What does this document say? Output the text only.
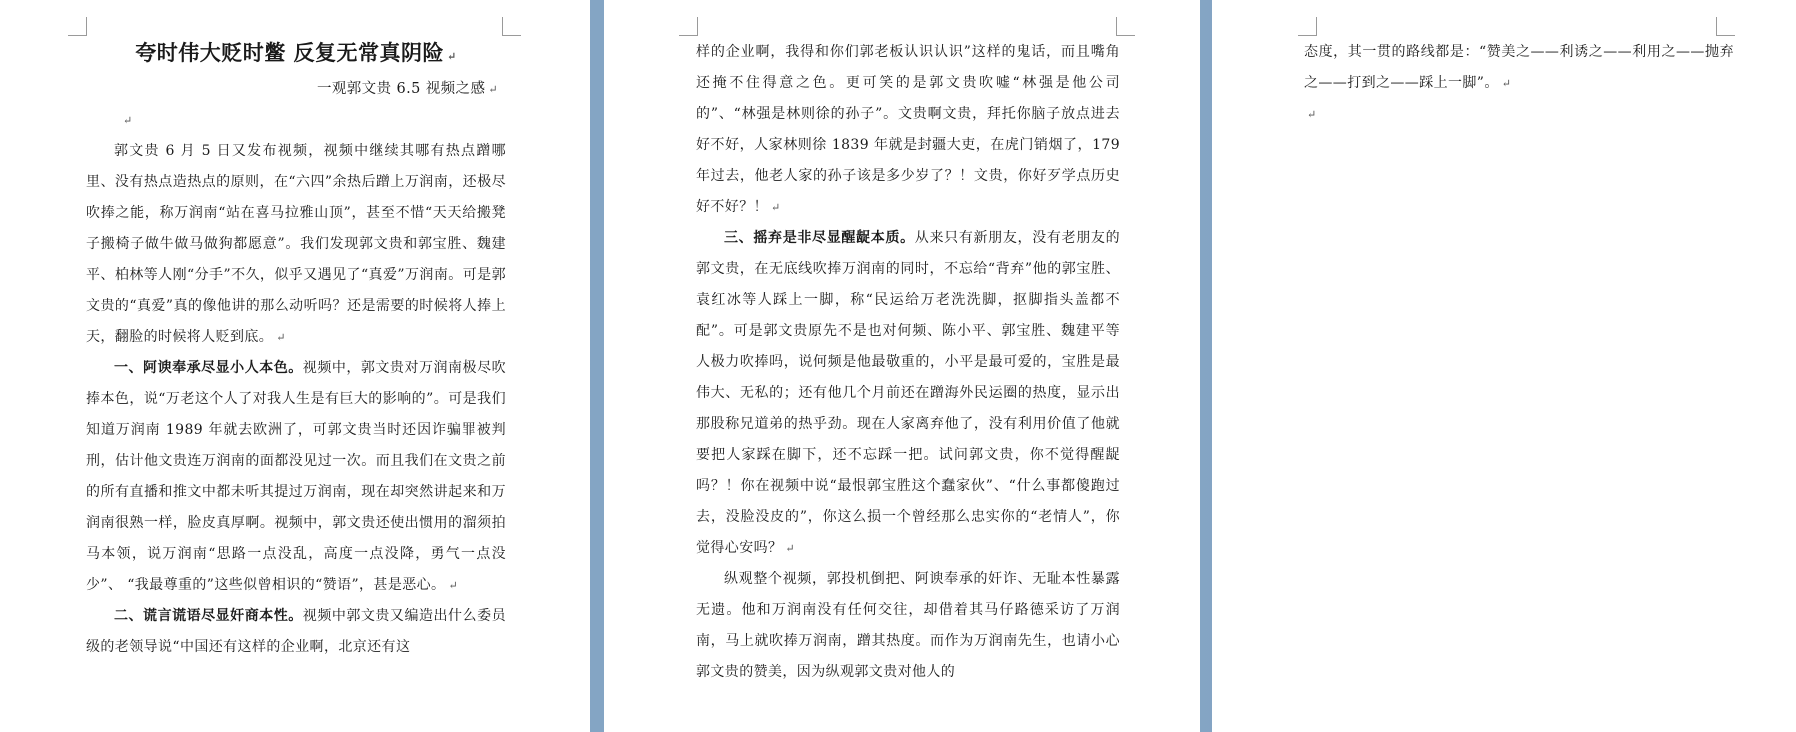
夸时伟大贬时鳖 反复无常真阴险 ↵

一观郭文贵 6.5 视频之感 ↵

↵

郭文贵 6 月 5 日又发布视频，视频中继续其哪有热点蹭哪里、没有热点造热点的原则，在“六四”余热后蹭上万润南，还极尽吹捧之能，称万润南“站在喜马拉雅山顶”，甚至不惜“天天给搬凳子搬椅子做牛做马做狗都愿意”。我们发现郭文贵和郭宝胜、魏建平、柏林等人刚“分手”不久，似乎又遇见了“真爱”万润南。可是郭文贵的“真爱”真的像他讲的那么动听吗？还是需要的时候将人捧上天，翻脸的时候将人贬到底。 ↵

一、阿谀奉承尽显小人本色。视频中，郭文贵对万润南极尽吹捧本色，说“万老这个人了对我人生是有巨大的影响的”。可是我们知道万润南 1989 年就去欧洲了，可郭文贵当时还因诈骗罪被判刑，估计他文贵连万润南的面都没见过一次。而且我们在文贵之前的所有直播和推文中都未听其提过万润南，现在却突然讲起来和万润南很熟一样，脸皮真厚啊。视频中，郭文贵还使出惯用的溜须拍马本领，说万润南“思路一点没乱，高度一点没降，勇气一点没少”、 “我最尊重的”这些似曾相识的“赞语”，甚是恶心。 ↵

二、谎言谎语尽显奸商本性。视频中郭文贵又编造出什么委员级的老领导说“中国还有这样的企业啊，北京还有这

样的企业啊，我得和你们郭老板认识认识”这样的鬼话，而且嘴角还掩不住得意之色。更可笑的是郭文贵吹嘘“林强是他公司的”、“林强是林则徐的孙子”。文贵啊文贵，拜托你脑子放点进去好不好，人家林则徐 1839 年就是封疆大吏，在虎门销烟了，179 年过去，他老人家的孙子该是多少岁了？！文贵，你好歹学点历史好不好？！ ↵

三、摇弃是非尽显醒龊本质。从来只有新朋友，没有老朋友的郭文贵，在无底线吹捧万润南的同时，不忘给“背弃”他的郭宝胜、袁红冰等人踩上一脚，称“民运给万老洗洗脚，抠脚指头盖都不配”。可是郭文贵原先不是也对何频、陈小平、郭宝胜、魏建平等人极力吹捧吗，说何频是他最敬重的，小平是最可爱的，宝胜是最伟大、无私的；还有他几个月前还在蹭海外民运圈的热度，显示出那股称兄道弟的热乎劲。现在人家离弃他了，没有利用价值了他就要把人家踩在脚下，还不忘踩一把。试问郭文贵，你不觉得醒龊吗？！你在视频中说“最恨郭宝胜这个蠢家伙”、“什么事都傻跑过去，没脸没皮的”，你这么损一个曾经那么忠实你的“老情人”，你觉得心安吗？ ↵

纵观整个视频，郭投机倒把、阿谀奉承的奸诈、无耻本性暴露无遗。他和万润南没有任何交往，却借着其马仔路德采访了万润南，马上就吹捧万润南，蹭其热度。而作为万润南先生，也请小心郭文贵的赞美，因为纵观郭文贵对他人的

态度，其一贯的路线都是：“赞美之——利诱之——利用之——抛弃之——打到之——踩上一脚”。 ↵

↵
